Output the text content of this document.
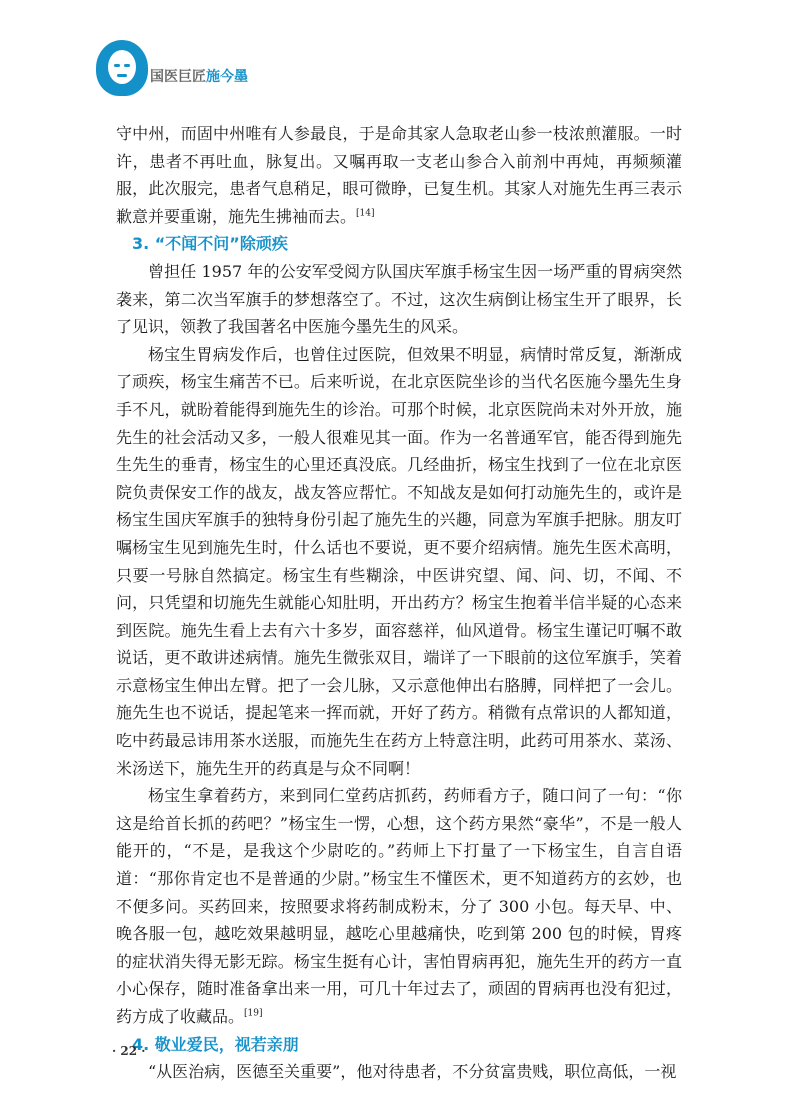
国医巨匠施今墨

守中州，而固中州唯有人参最良，于是命其家人急取老山参一枝浓煎灌服。一时许，患者不再吐血，脉复出。又嘱再取一支老山参合入前剂中再炖，再频频灌服，此次服完，患者气息稍足，眼可微睁，已复生机。其家人对施先生再三表示歉意并要重谢，施先生拂袖而去。[14]

3. “不闻不问”除顽疾

曾担任 1957 年的公安军受阅方队国庆军旗手杨宝生因一场严重的胃病突然袭来，第二次当军旗手的梦想落空了。不过，这次生病倒让杨宝生开了眼界，长了见识，领教了我国著名中医施今墨先生的风采。

杨宝生胃病发作后，也曾住过医院，但效果不明显，病情时常反复，渐渐成了顽疾，杨宝生痛苦不已。后来听说，在北京医院坐诊的当代名医施今墨先生身手不凡，就盼着能得到施先生的诊治。可那个时候，北京医院尚未对外开放，施先生的社会活动又多，一般人很难见其一面。作为一名普通军官，能否得到施先生先生的垂青，杨宝生的心里还真没底。几经曲折，杨宝生找到了一位在北京医院负责保安工作的战友，战友答应帮忙。不知战友是如何打动施先生的，或许是杨宝生国庆军旗手的独特身份引起了施先生的兴趣，同意为军旗手把脉。朋友叮嘱杨宝生见到施先生时，什么话也不要说，更不要介绍病情。施先生医术高明，只要一号脉自然搞定。杨宝生有些糊涂，中医讲究望、闻、问、切，不闻、不问，只凭望和切施先生就能心知肚明，开出药方？杨宝生抱着半信半疑的心态来到医院。施先生看上去有六十多岁，面容慈祥，仙风道骨。杨宝生谨记叮嘱不敢说话，更不敢讲述病情。施先生微张双目，端详了一下眼前的这位军旗手，笑着示意杨宝生伸出左臂。把了一会儿脉，又示意他伸出右胳膊，同样把了一会儿。施先生也不说话，提起笔来一挥而就，开好了药方。稍微有点常识的人都知道，吃中药最忌讳用茶水送服，而施先生在药方上特意注明，此药可用茶水、菜汤、米汤送下，施先生开的药真是与众不同啊！

杨宝生拿着药方，来到同仁堂药店抓药，药师看方子，随口问了一句：“你这是给首长抓的药吧？”杨宝生一愣，心想，这个药方果然“豪华”，不是一般人能开的，“不是，是我这个少尉吃的。”药师上下打量了一下杨宝生，自言自语道：“那你肯定也不是普通的少尉。”杨宝生不懂医术，更不知道药方的玄妙，也不便多问。买药回来，按照要求将药制成粉末，分了 300 小包。每天早、中、晚各服一包，越吃效果越明显，越吃心里越痛快，吃到第 200 包的时候，胃疼的症状消失得无影无踪。杨宝生挺有心计，害怕胃病再犯，施先生开的药方一直小心保存，随时准备拿出来一用，可几十年过去了，顽固的胃病再也没有犯过，药方成了收藏品。[19]

4. 敬业爱民，视若亲朋

“从医治病，医德至关重要”，他对待患者，不分贫富贵贱，职位高低，一视

· 22 ·
